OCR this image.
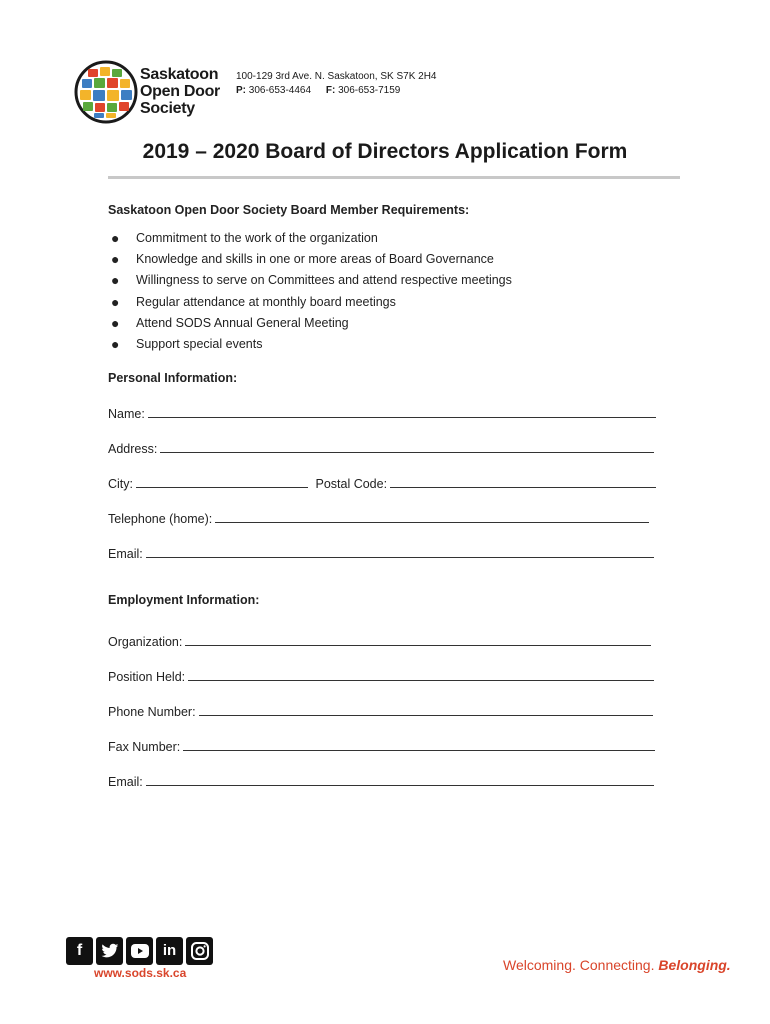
Saskatoon
Open Door
Society
100-129 3rd Ave. N. Saskatoon, SK S7K 2H4
P: 306-653-4464 F: 306-653-7159
2019 – 2020 Board of Directors Application Form
Saskatoon Open Door Society Board Member Requirements:
● Commitment to the work of the organization
● Knowledge and skills in one or more areas of Board Governance
● Willingness to serve on Committees and attend respective meetings
● Regular attendance at monthly board meetings
● Attend SODS Annual General Meeting
● Support special events
Personal Information:
Name:
Address:
City:	Postal Code:
Telephone (home):
Email:
Employment Information:
Organization:
Position Held:
Phone Number:
Fax Number:
Email:
f	in
www.sods.sk.ca	Welcoming. Connecting. Belonging.
